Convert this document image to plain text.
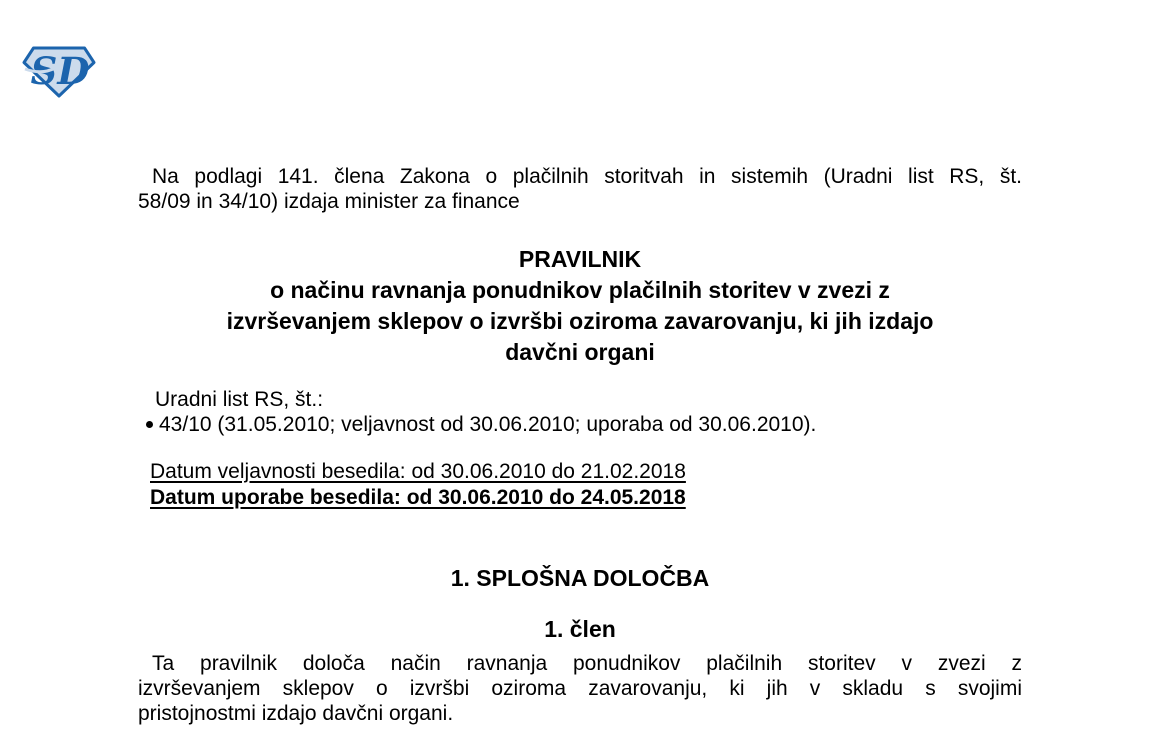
SD
Na podlagi 141. člena Zakona o plačilnih storitvah in sistemih (Uradni list RS, št.
58/09 in 34/10) izdaja minister za finance
PRAVILNIK
o načinu ravnanja ponudnikov plačilnih storitev v zvezi z
izvrševanjem sklepov o izvršbi oziroma zavarovanju, ki jih izdajo
davčni organi
Uradni list RS, št.:
43/10 (31.05.2010; veljavnost od 30.06.2010; uporaba od 30.06.2010).
Datum veljavnosti besedila: od 30.06.2010 do 21.02.2018
Datum uporabe besedila: od 30.06.2010 do 24.05.2018
1. SPLOŠNA DOLOČBA
1. člen
Ta pravilnik določa način ravnanja ponudnikov plačilnih storitev v zvezi z
izvrševanjem sklepov o izvršbi oziroma zavarovanju, ki jih v skladu s svojimi
pristojnostmi izdajo davčni organi.
